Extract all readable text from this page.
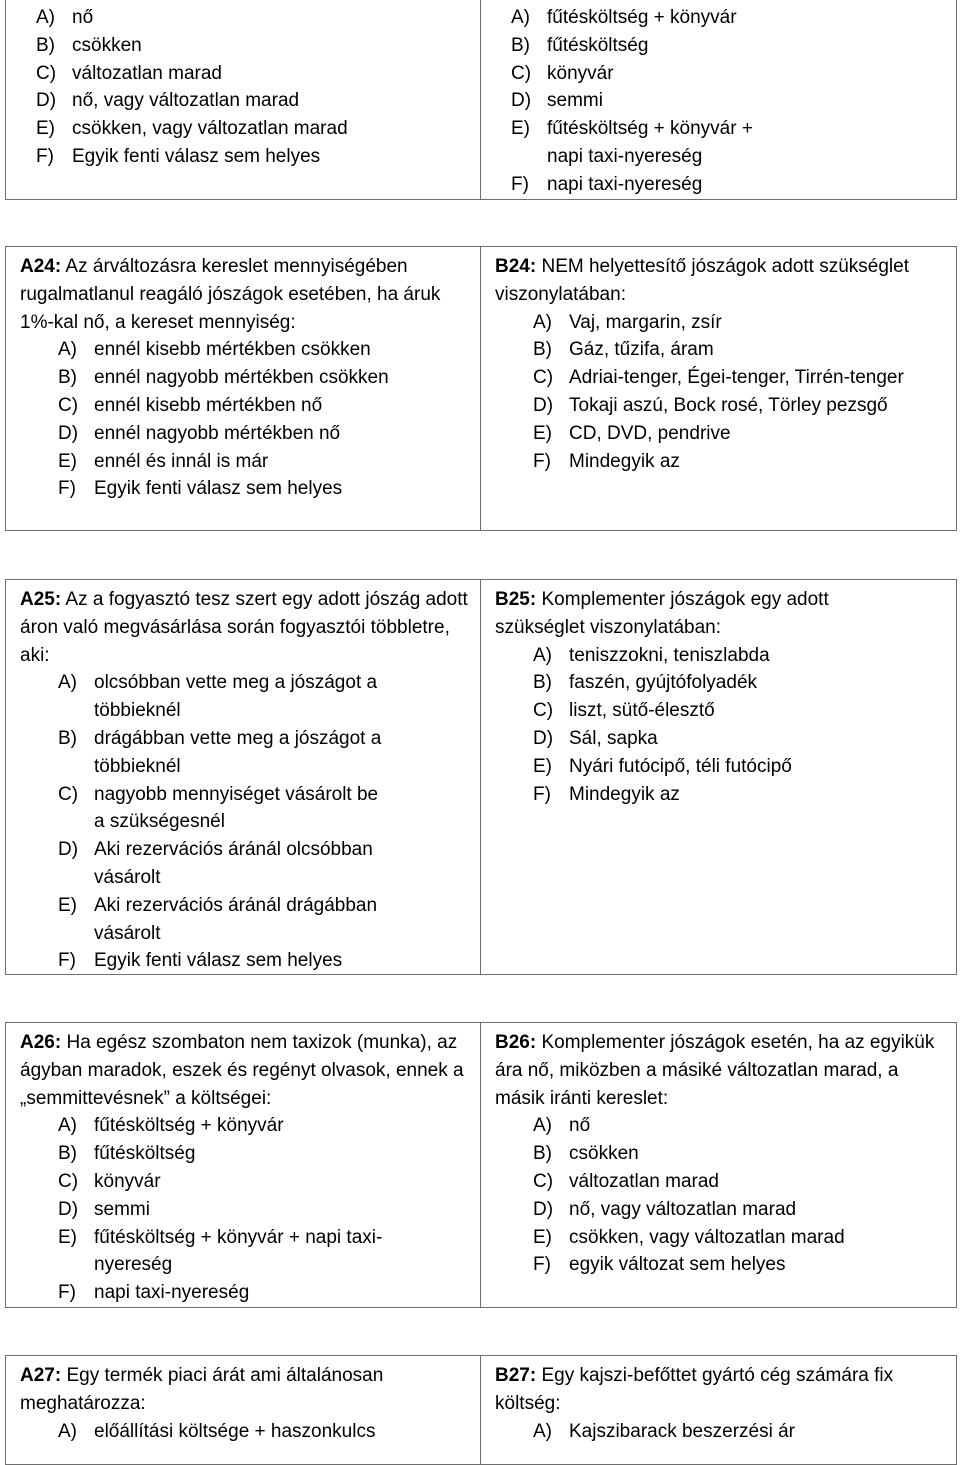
A) nő
B) csökken
C) változatlan marad
D) nő, vagy változatlan marad
E) csökken, vagy változatlan marad
F) Egyik fenti válasz sem helyes
A) fűtésköltség + könyvár
B) fűtésköltség
C) könyvár
D) semmi
E) fűtésköltség + könyvár + napi taxi-nyereség
F) napi taxi-nyereség

A24: Az árváltozásra kereslet mennyiségében rugalmatlanul reagáló jószágok esetében, ha áruk 1%-kal nő, a kereset mennyiség:

A) ennél kisebb mértékben csökken
B) ennél nagyobb mértékben csökken
C) ennél kisebb mértékben nő
D) ennél nagyobb mértékben nő
E) ennél és innál is már
F) Egyik fenti válasz sem helyes

B24: NEM helyettesítő jószágok adott szükséglet viszonylatában:

A) Vaj, margarin, zsír
B) Gáz, tűzifa, áram
C) Adriai-tenger, Égei-tenger, Tirrén-tenger
D) Tokaji aszú, Bock rosé, Törley pezsgő
E) CD, DVD, pendrive
F) Mindegyik az

A25: Az a fogyasztó tesz szert egy adott jószág adott áron való megvásárlása során fogyasztói többletre, aki:

A) olcsóbban vette meg a jószágot a többieknél
B) drágábban vette meg a jószágot a többieknél
C) nagyobb mennyiséget vásárolt be a szükségesnél
D) Aki rezervációs áránál olcsóbban vásárolt
E) Aki rezervációs áránál drágábban vásárolt
F) Egyik fenti válasz sem helyes

B25: Komplementer jószágok egy adott szükséglet viszonylatában:

A) teniszzokni, teniszlabda
B) faszén, gyújtófolyadék
C) liszt, sütő-élesztő
D) Sál, sapka
E) Nyári futócipő, téli futócipő
F) Mindegyik az

A26: Ha egész szombaton nem taxizok (munka), az ágyban maradok, eszek és regényt olvasok, ennek a „semmittevésnek” a költségei:

A) fűtésköltség + könyvár
B) fűtésköltség
C) könyvár
D) semmi
E) fűtésköltség + könyvár + napi taxi-nyereség
F) napi taxi-nyereség

B26: Komplementer jószágok esetén, ha az egyikük ára nő, miközben a másiké változatlan marad, a másik iránti kereslet:

A) nő
B) csökken
C) változatlan marad
D) nő, vagy változatlan marad
E) csökken, vagy változatlan marad
F) egyik változat sem helyes

A27: Egy termék piaci árát ami általánosan meghatározza:

A) előállítási költsége + haszonkulcs

B27: Egy kajszi-befőttet gyártó cég számára fix költség:

A) Kajszibarack beszerzési ár
